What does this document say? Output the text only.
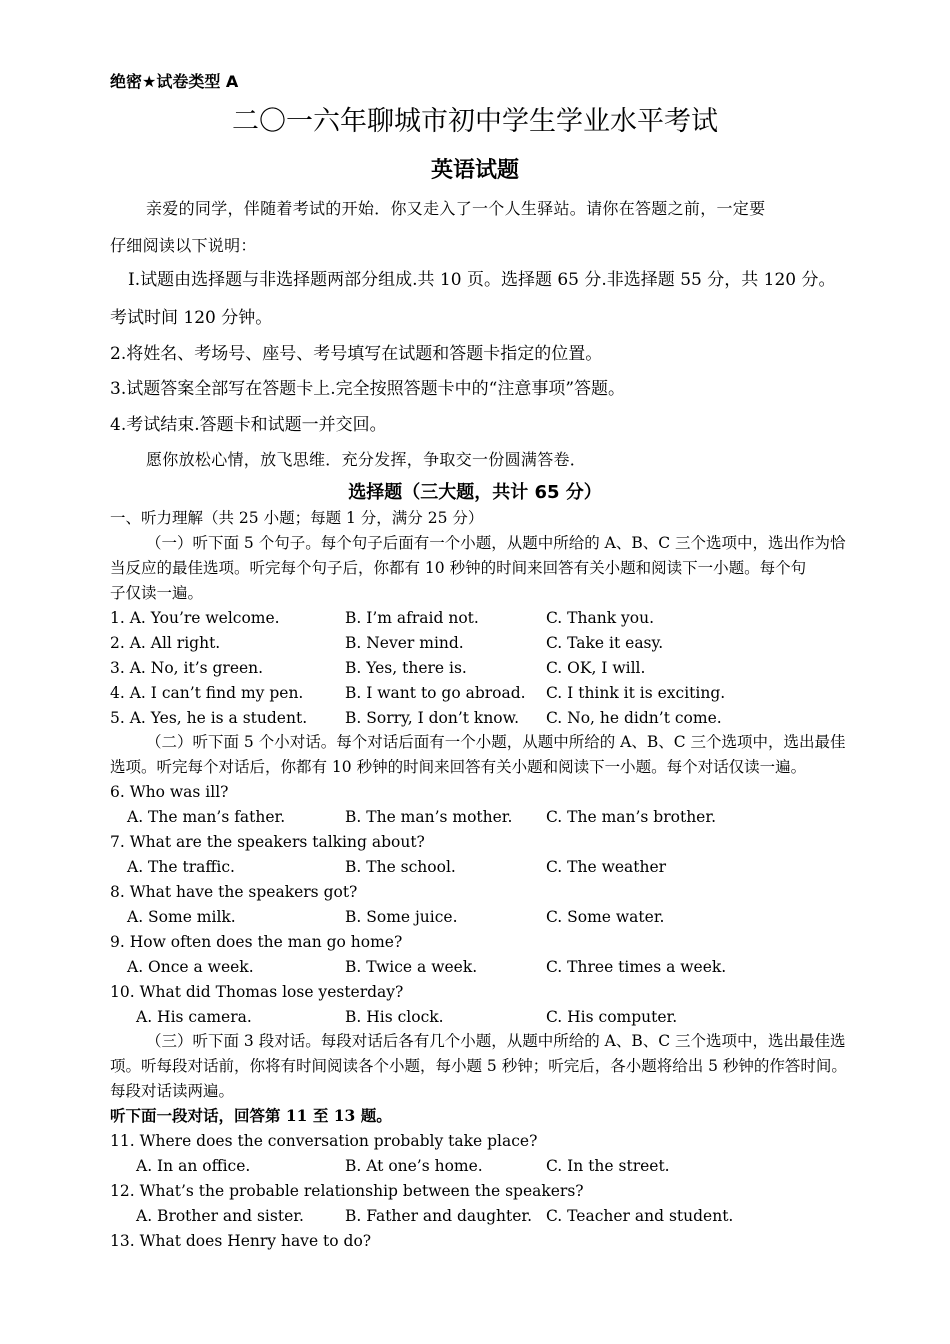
绝密★试卷类型 A
二〇一六年聊城市初中学生学业水平考试
英语试题
亲爱的同学，伴随着考试的开始．你又走入了一个人生驿站。请你在答题之前，一定要
仔细阅读以下说明：
I.试题由选择题与非选择题两部分组成.共 10 页。选择题 65 分.非选择题 55 分，共 120 分。
考试时间 120 分钟。
2.将姓名、考场号、座号、考号填写在试题和答题卡指定的位置。
3.试题答案全部写在答题卡上.完全按照答题卡中的“注意事项”答题。
4.考试结束.答题卡和试题一并交回。
愿你放松心情，放飞思维．充分发挥，争取交一份圆满答卷．
选择题（三大题，共计 65 分）
一、听力理解（共 25 小题；每题 1 分，满分 25 分）
（一）听下面 5 个句子。每个句子后面有一个小题，从题中所给的 A、B、C 三个选项中，选出作为恰
当反应的最佳选项。听完每个句子后，你都有 10 秒钟的时间来回答有关小题和阅读下一小题。每个句
子仅读一遍。
1. A. You’re welcome.	B. I’m afraid not.	C. Thank you.
2. A. All right.	B. Never mind.	C. Take it easy.
3. A. No, it’s green.	B. Yes, there is.	C. OK, I will.
4. A. I can’t find my pen.	B. I want to go abroad. C. I think it is exciting.
5. A. Yes, he is a student. B. Sorry, I don’t know. C. No, he didn’t come.
（二）听下面 5 个小对话。每个对话后面有一个小题，从题中所给的 A、B、C 三个选项中，选出最佳
选项。听完每个对话后，你都有 10 秒钟的时间来回答有关小题和阅读下一小题。每个对话仅读一遍。
6. Who was ill?
A. The man’s father.	B. The man’s mother. C. The man’s brother.
7. What are the speakers talking about?
A. The traffic.	B. The school.	C. The weather
8. What have the speakers got?
A. Some milk.	B. Some juice.	C. Some water.
9. How often does the man go home?
A. Once a week.	B. Twice a week.	C. Three times a week.
10. What did Thomas lose yesterday?
A. His camera.	B. His clock.	C. His computer.
（三）听下面 3 段对话。每段对话后各有几个小题，从题中所给的 A、B、C 三个选项中，选出最佳选
项。听每段对话前，你将有时间阅读各个小题，每小题 5 秒钟；听完后，各小题将给出 5 秒钟的作答时间。
每段对话读两遍。
听下面一段对话，回答第 11 至 13 题。
11. Where does the conversation probably take place?
A. In an office.	B. At one’s home.	C. In the street.
12. What’s the probable relationship between the speakers?
A. Brother and sister.	B. Father and daughter. C. Teacher and student.
13. What does Henry have to do?
